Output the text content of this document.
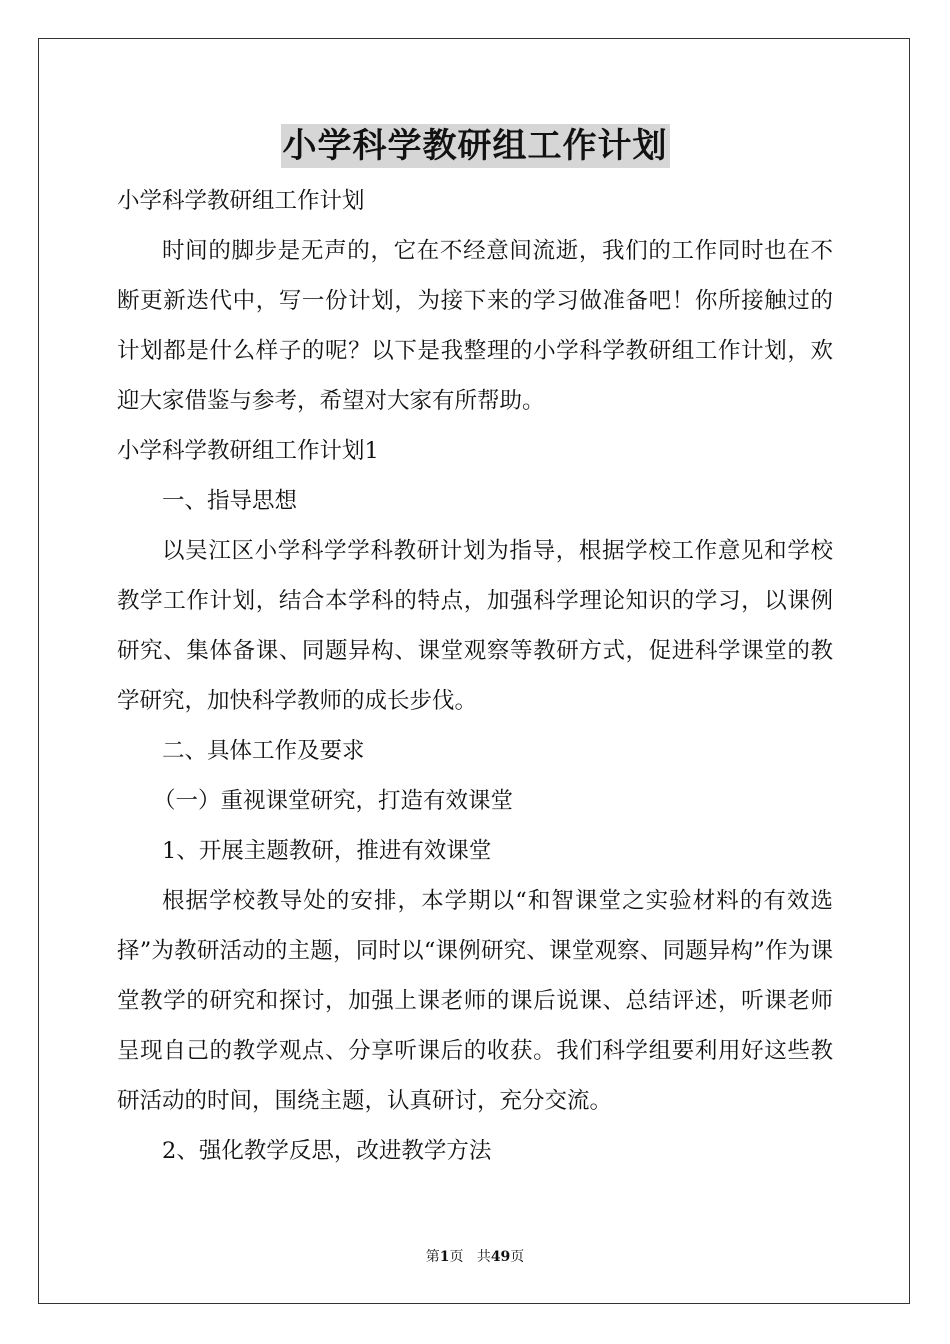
小学科学教研组工作计划

小学科学教研组工作计划

时间的脚步是无声的，它在不经意间流逝，我们的工作同时也在不断更新迭代中，写一份计划，为接下来的学习做准备吧！你所接触过的计划都是什么样子的呢？以下是我整理的小学科学教研组工作计划，欢迎大家借鉴与参考，希望对大家有所帮助。

小学科学教研组工作计划1

一、指导思想

以吴江区小学科学学科教研计划为指导，根据学校工作意见和学校教学工作计划，结合本学科的特点，加强科学理论知识的学习，以课例研究、集体备课、同题异构、课堂观察等教研方式，促进科学课堂的教学研究，加快科学教师的成长步伐。

二、具体工作及要求

（一）重视课堂研究，打造有效课堂

1、开展主题教研，推进有效课堂

根据学校教导处的安排，本学期以“和智课堂之实验材料的有效选择”为教研活动的主题，同时以“课例研究、课堂观察、同题异构”作为课堂教学的研究和探讨，加强上课老师的课后说课、总结评述，听课老师呈现自己的教学观点、分享听课后的收获。我们科学组要利用好这些教研活动的时间，围绕主题，认真研讨，充分交流。

2、强化教学反思，改进教学方法

第1页 共49页
